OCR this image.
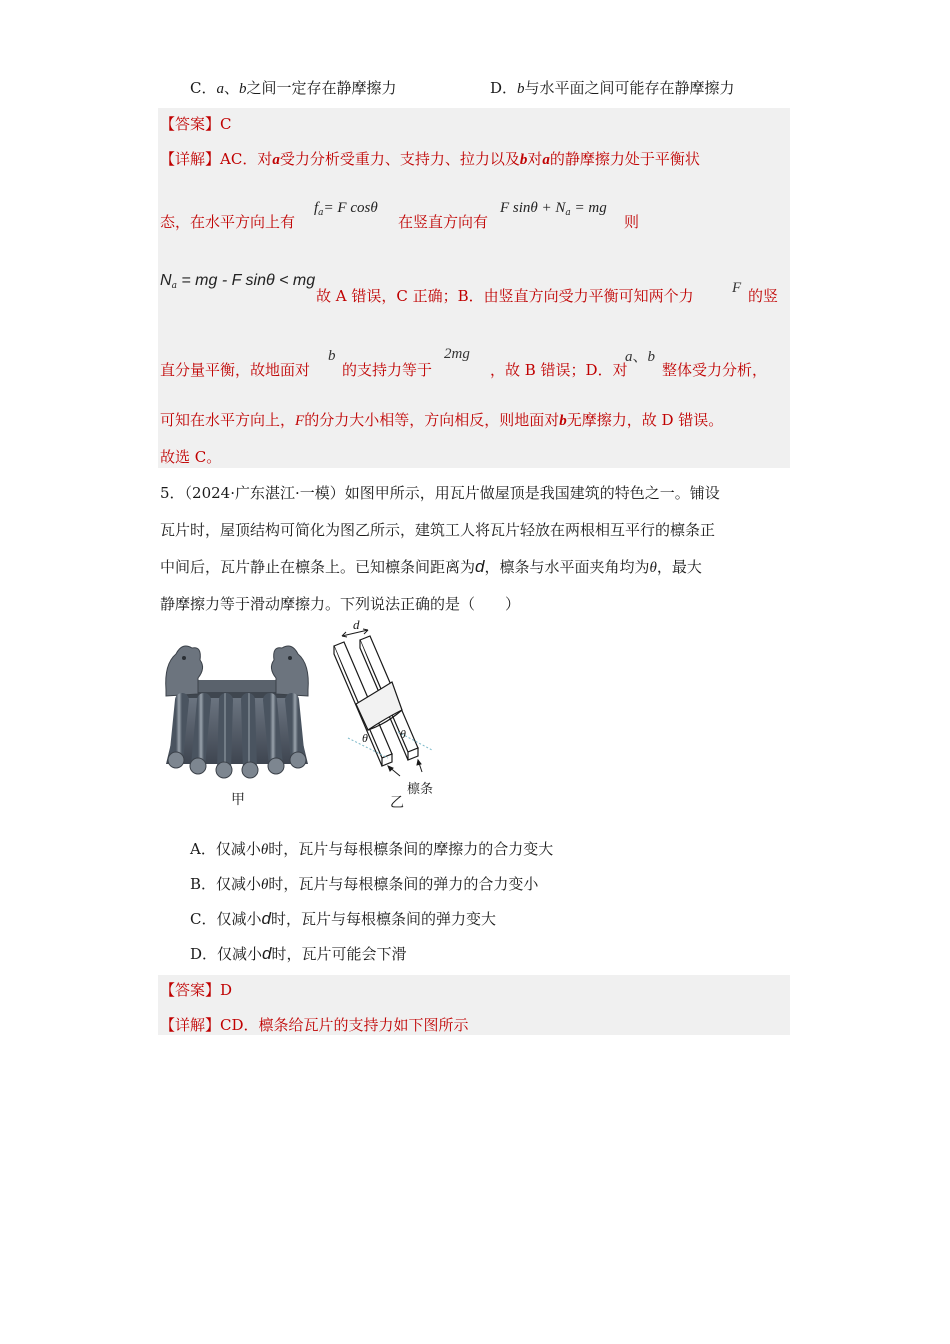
C．a、b之间一定存在静摩擦力	D．b与水平面之间可能存在静摩擦力
【答案】C
【详解】AC．对a受力分析受重力、支持力、拉力以及b对a的静摩擦力处于平衡状
态，在水平方向上有
$f_a= F$ cosθ
在竖直方向有
F $\sin\theta + N_a$ = mg
则
$N_a$ = mg - F sinθ < mg
故 A 错误，C 正确；B．由竖直方向受力平衡可知两个力	F 的竖
直分量平衡，故地面对
b
的支持力等于
2mg
，故 B 错误；D．对
a、b
整体受力分析，
可知在水平方向上，F的分力大小相等，方向相反，则地面对b无摩擦力，故 D 错误。
故选 C。
5．（2024·广东湛江·一模）如图甲所示，用瓦片做屋顶是我国建筑的特色之一。铺设
瓦片时，屋顶结构可简化为图乙所示，建筑工人将瓦片轻放在两根相互平行的檩条正
中间后，瓦片静止在檩条上。已知檩条间距离为d，檩条与水平面夹角均为θ，最大
静摩擦力等于滑动摩擦力。下列说法正确的是（　　）
甲
d
θ	θ
檩条
乙
A．仅减小θ时，瓦片与每根檩条间的摩擦力的合力变大
B．仅减小θ时，瓦片与每根檩条间的弹力的合力变小
C．仅减小d时，瓦片与每根檩条间的弹力变大
D．仅减小d时，瓦片可能会下滑
【答案】D
【详解】CD．檩条给瓦片的支持力如下图所示
